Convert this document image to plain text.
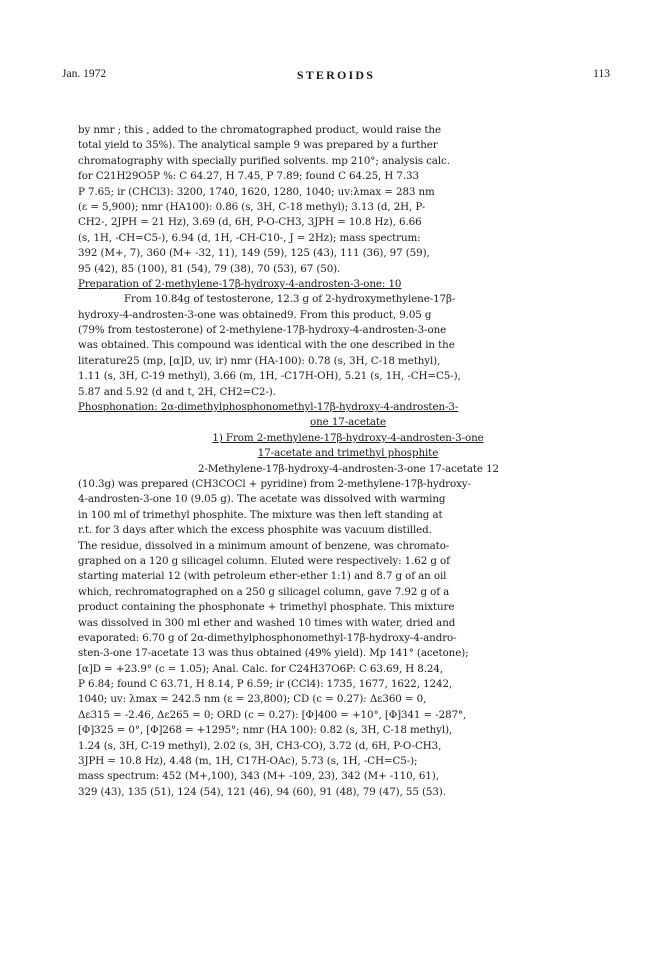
Jan. 1972	STEROIDS	113
by nmr ; this , added to the chromatographed product, would raise the
total yield to 35%). The analytical sample 9 was prepared by a further
chromatography with specially purified solvents. mp 210°; analysis calc.
for C21H29O5P %: C 64.27, H 7.45, P 7.89; found C 64.25, H 7.33
P 7.65; ir (CHCl3): 3200, 1740, 1620, 1280, 1040; uv:λmax = 283 nm
(ε = 5,900); nmr (HA100): 0.86 (s, 3H, C-18 methyl); 3.13 (d, 2H, P-
CH2-, 2JPH = 21 Hz), 3.69 (d, 6H, P-O-CH3, 3JPH = 10.8 Hz), 6.66
(s, 1H, -CH=C5-), 6.94 (d, 1H, -CH-C10-, J = 2Hz); mass spectrum:
392 (M+, 7), 360 (M+ -32, 11), 149 (59), 125 (43), 111 (36), 97 (59),
95 (42), 85 (100), 81 (54), 79 (38), 70 (53), 67 (50).
Preparation of 2-methylene-17β-hydroxy-4-androsten-3-one: 10
From 10.84g of testosterone, 12.3 g of 2-hydroxymethylene-17β-
hydroxy-4-androsten-3-one was obtained9. From this product, 9.05 g
(79% from testosterone) of 2-methylene-17β-hydroxy-4-androsten-3-one
was obtained. This compound was identical with the one described in the
literature25 (mp, [α]D, uv, ir) nmr (HA-100): 0.78 (s, 3H, C-18 methyl),
1.11 (s, 3H, C-19 methyl), 3.66 (m, 1H, -C17H-OH), 5.21 (s, 1H, -CH=C5-),
5.87 and 5.92 (d and t, 2H, CH2=C2-).
Phosphonation: 2α-dimethylphosphonomethyl-17β-hydroxy-4-androsten-3-
one 17-acetate
1) From 2-methylene-17β-hydroxy-4-androsten-3-one
17-acetate and trimethyl phosphite
2-Methylene-17β-hydroxy-4-androsten-3-one 17-acetate 12
(10.3g) was prepared (CH3COCl + pyridine) from 2-methylene-17β-hydroxy-
4-androsten-3-one 10 (9.05 g). The acetate was dissolved with warming
in 100 ml of trimethyl phosphite. The mixture was then left standing at
r.t. for 3 days after which the excess phosphite was vacuum distilled.
The residue, dissolved in a minimum amount of benzene, was chromato-
graphed on a 120 g silicagel column. Eluted were respectively: 1.62 g of
starting material 12 (with petroleum ether-ether 1:1) and 8.7 g of an oil
which, rechromatographed on a 250 g silicagel column, gave 7.92 g of a
product containing the phosphonate + trimethyl phosphate. This mixture
was dissolved in 300 ml ether and washed 10 times with water, dried and
evaporated: 6.70 g of 2α-dimethylphosphonomethyl-17β-hydroxy-4-andro-
sten-3-one 17-acetate 13 was thus obtained (49% yield). Mp 141° (acetone);
[α]D = +23.9° (c = 1.05); Anal. Calc. for C24H37O6P: C 63.69, H 8.24,
P 6.84; found C 63.71, H 8.14, P 6.59; ir (CCl4): 1735, 1677, 1622, 1242,
1040; uv: λmax = 242.5 nm (ε = 23,800); CD (c = 0.27): Δε360 = 0,
Δε315 = -2.46, Δε265 = 0; ORD (c = 0.27): [Φ]400 = +10°, [Φ]341 = -287°,
[Φ]325 = 0°, [Φ]268 = +1295°; nmr (HA 100): 0.82 (s, 3H, C-18 methyl),
1.24 (s, 3H, C-19 methyl), 2.02 (s, 3H, CH3-CO), 3.72 (d, 6H, P-O-CH3,
3JPH = 10.8 Hz), 4.48 (m, 1H, C17H-OAc), 5.73 (s, 1H, -CH=C5-);
mass spectrum: 452 (M+,100), 343 (M+ -109, 23), 342 (M+ -110, 61),
329 (43), 135 (51), 124 (54), 121 (46), 94 (60), 91 (48), 79 (47), 55 (53).
